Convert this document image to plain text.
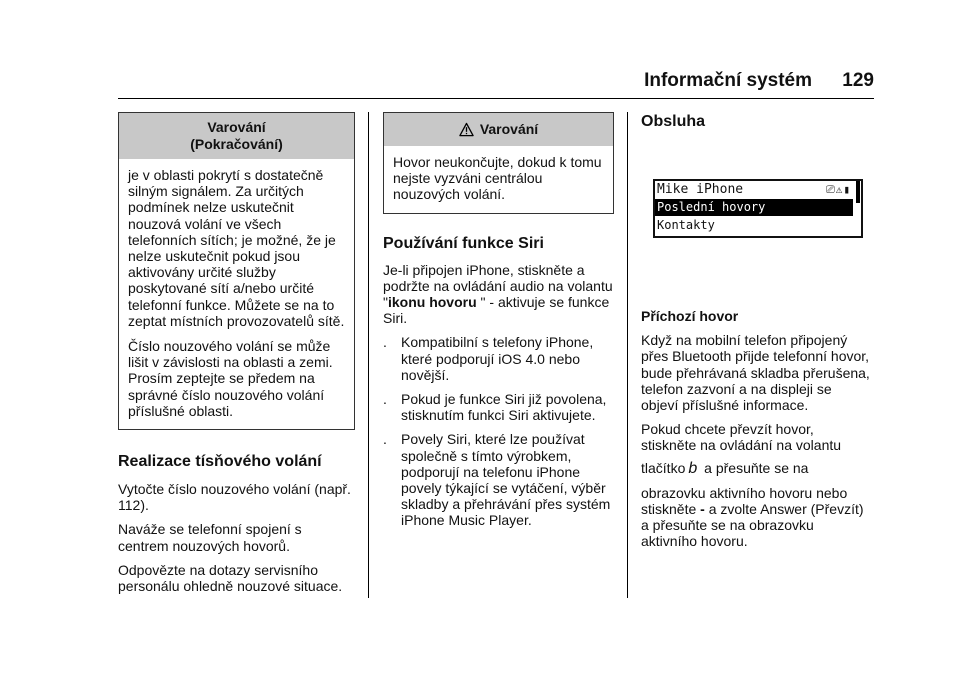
Informační systém 129
Varování
(Pokračování)

je v oblasti pokrytí s dostatečně silným signálem. Za určitých podmínek nelze uskutečnit nouzová volání ve všech telefonních sítích; je možné, že je nelze uskutečnit pokud jsou aktivovány určité služby poskytované sítí a/nebo určité telefonní funkce. Můžete se na to zeptat místních provozovatelů sítě.

Číslo nouzového volání se může lišit v závislosti na oblasti a zemi. Prosím zeptejte se předem na správné číslo nouzového volání příslušné oblasti.

Realizace tísňového volání

Vytočte číslo nouzového volání (např. 112).

Naváže se telefonní spojení s centrem nouzových hovorů.

Odpovězte na dotazy servisního personálu ohledně nouzové situace.

Varování

Hovor neukončujte, dokud k tomu nejste vyzváni centrálou nouzových volání.

Používání funkce Siri

Je-li připojen iPhone, stiskněte a podržte na ovládání audio na volantu "ikonu hovoru " - aktivuje se funkce Siri.

.	Kompatibilní s telefony iPhone, které podporují iOS 4.0 nebo novější.
.	Pokud je funkce Siri již povolena, stisknutím funkci Siri aktivujete.
.	Povely Siri, které lze používat společně s tímto výrobkem, podporují na telefonu iPhone povely týkající se vytáčení, výběr skladby a přehrávání přes systém iPhone Music Player.
Obsluha
Mike iPhone	⎚⚠▮
Poslední hovory
Kontakty

Příchozí hovor

Když na mobilní telefon připojený přes Bluetooth přijde telefonní hovor, bude přehrávaná skladba přerušena, telefon zazvoní a na displeji se objeví příslušné informace.

Pokud chcete převzít hovor, stiskněte na ovládání na volantu

tlačítko b a přesuňte se na

obrazovku aktivního hovoru nebo stiskněte - a zvolte Answer (Převzít) a přesuňte se na obrazovku aktivního hovoru.
